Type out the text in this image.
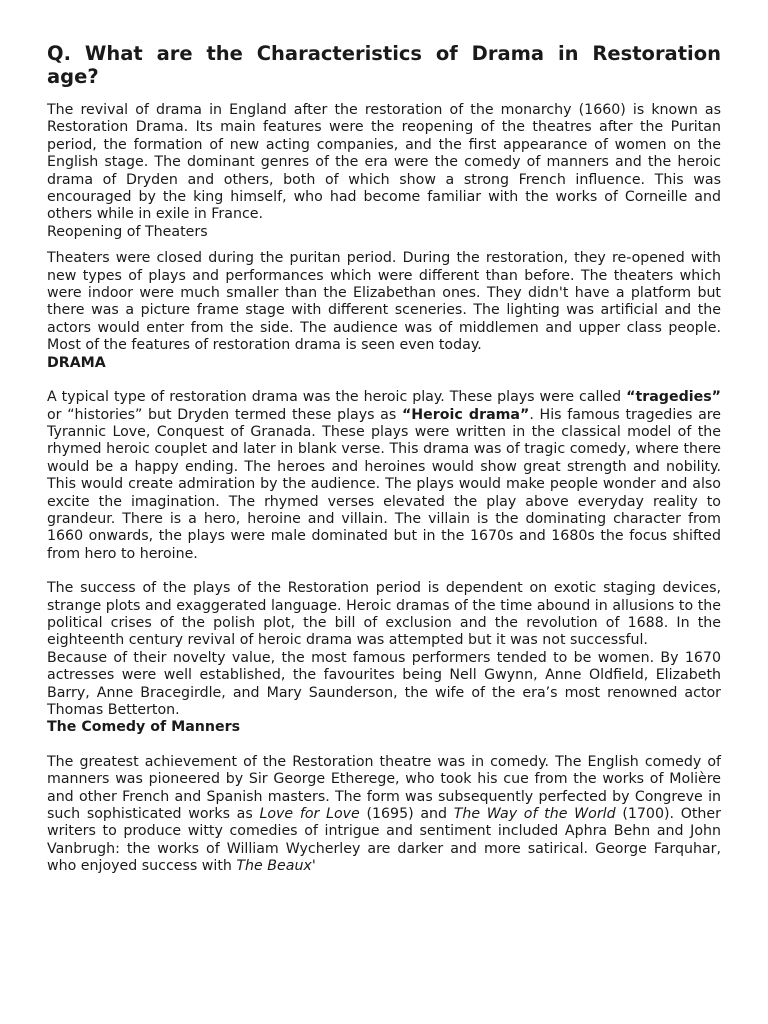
Q. What are the Characteristics of Drama in Restoration age?

The revival of drama in England after the restoration of the monarchy (1660) is known as Restoration Drama. Its main features were the reopening of the theatres after the Puritan period, the formation of new acting companies, and the first appearance of women on the English stage. The dominant genres of the era were the comedy of manners and the heroic drama of Dryden and others, both of which show a strong French influence. This was encouraged by the king himself, who had become familiar with the works of Corneille and others while in exile in France.

Reopening of Theaters

Theaters were closed during the puritan period. During the restoration, they re-opened with new types of plays and performances which were different than before. The theaters which were indoor were much smaller than the Elizabethan ones. They didn't have a platform but there was a picture frame stage with different sceneries. The lighting was artificial and the actors would enter from the side. The audience was of middlemen and upper class people. Most of the features of restoration drama is seen even today.

DRAMA

A typical type of restoration drama was the heroic play. These plays were called “tragedies” or “histories” but Dryden termed these plays as “Heroic drama”. His famous tragedies are Tyrannic Love, Conquest of Granada. These plays were written in the classical model of the rhymed heroic couplet and later in blank verse. This drama was of tragic comedy, where there would be a happy ending. The heroes and heroines would show great strength and nobility. This would create admiration by the audience. The plays would make people wonder and also excite the imagination. The rhymed verses elevated the play above everyday reality to grandeur. There is a hero, heroine and villain. The villain is the dominating character from 1660 onwards, the plays were male dominated but in the 1670s and 1680s the focus shifted from hero to heroine.

The success of the plays of the Restoration period is dependent on exotic staging devices, strange plots and exaggerated language. Heroic dramas of the time abound in allusions to the political crises of the polish plot, the bill of exclusion and the revolution of 1688. In the eighteenth century revival of heroic drama was attempted but it was not successful.

Because of their novelty value, the most famous performers tended to be women. By 1670 actresses were well established, the favourites being Nell Gwynn, Anne Oldfield, Elizabeth Barry, Anne Bracegirdle, and Mary Saunderson, the wife of the era’s most renowned actor Thomas Betterton.

The Comedy of Manners

The greatest achievement of the Restoration theatre was in comedy. The English comedy of manners was pioneered by Sir George Etherege, who took his cue from the works of Molière and other French and Spanish masters. The form was subsequently perfected by Congreve in such sophisticated works as Love for Love (1695) and The Way of the World (1700). Other writers to produce witty comedies of intrigue and sentiment included Aphra Behn and John Vanbrugh: the works of William Wycherley are darker and more satirical. George Farquhar, who enjoyed success with The Beaux'
